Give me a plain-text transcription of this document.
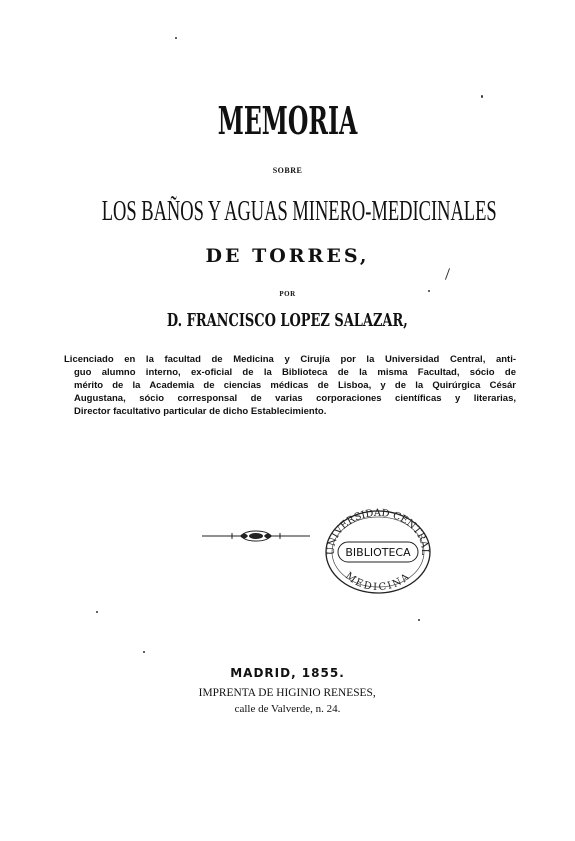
MEMORIA
SOBRE
LOS BAÑOS Y AGUAS MINERO-MEDICINALES
DE TORRES,
POR
D. FRANCISCO LOPEZ SALAZAR,
Licenciado en la facultad de Medicina y Cirujía por la Universidad Central, anti-
guo alumno interno, ex-oficial de la Biblioteca de la misma Facultad, sócio de
mérito de la Academia de ciencias médicas de Lisboa, y de la Quirúrgica Césár
Augustana, sócio corresponsal de varias corporaciones científicas y literarias,
Director facultativo particular de dicho Establecimiento.
UNIVERSIDAD CENTRAL
BIBLIOTECA
MEDICINA
MADRID, 1855.
IMPRENTA DE HIGINIO RENESES,
calle de Valverde, n. 24.
